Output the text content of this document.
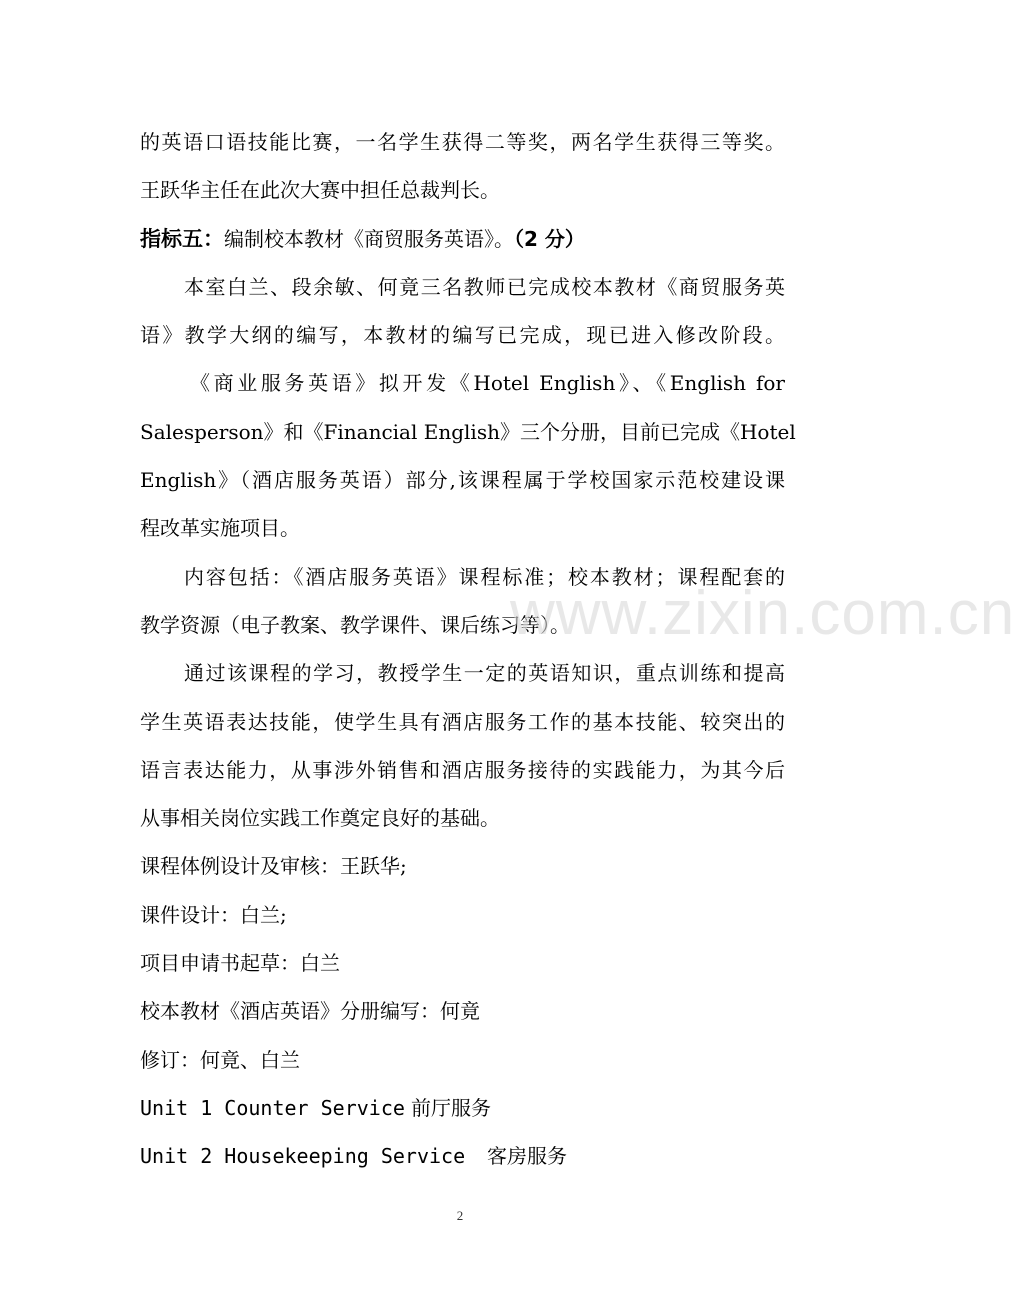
的英语口语技能比赛，一名学生获得二等奖，两名学生获得三等奖。
王跃华主任在此次大赛中担任总裁判长。
指标五：编制校本教材《商贸服务英语》。（2 分）
本室白兰、段余敏、何竟三名教师已完成校本教材《商贸服务英
语》教学大纲的编写，本教材的编写已完成，现已进入修改阶段。
《商业服务英语》拟开发《Hotel English》、《English for
Salesperson》和《Financial English》三个分册，目前已完成《Hotel
English》（酒店服务英语）部分,该课程属于学校国家示范校建设课
程改革实施项目。
内容包括：《酒店服务英语》课程标准；校本教材；课程配套的
教学资源（电子教案、教学课件、课后练习等）。
通过该课程的学习，教授学生一定的英语知识，重点训练和提高
学生英语表达技能，使学生具有酒店服务工作的基本技能、较突出的
语言表达能力，从事涉外销售和酒店服务接待的实践能力，为其今后
从事相关岗位实践工作奠定良好的基础。
课程体例设计及审核：王跃华;
课件设计：白兰;
项目申请书起草：白兰
校本教材《酒店英语》分册编写：何竟
修订：何竟、白兰
Unit 1 Counter Service 前厅服务
Unit 2 Housekeeping Service	客房服务
www.zixin.com.cn
2
